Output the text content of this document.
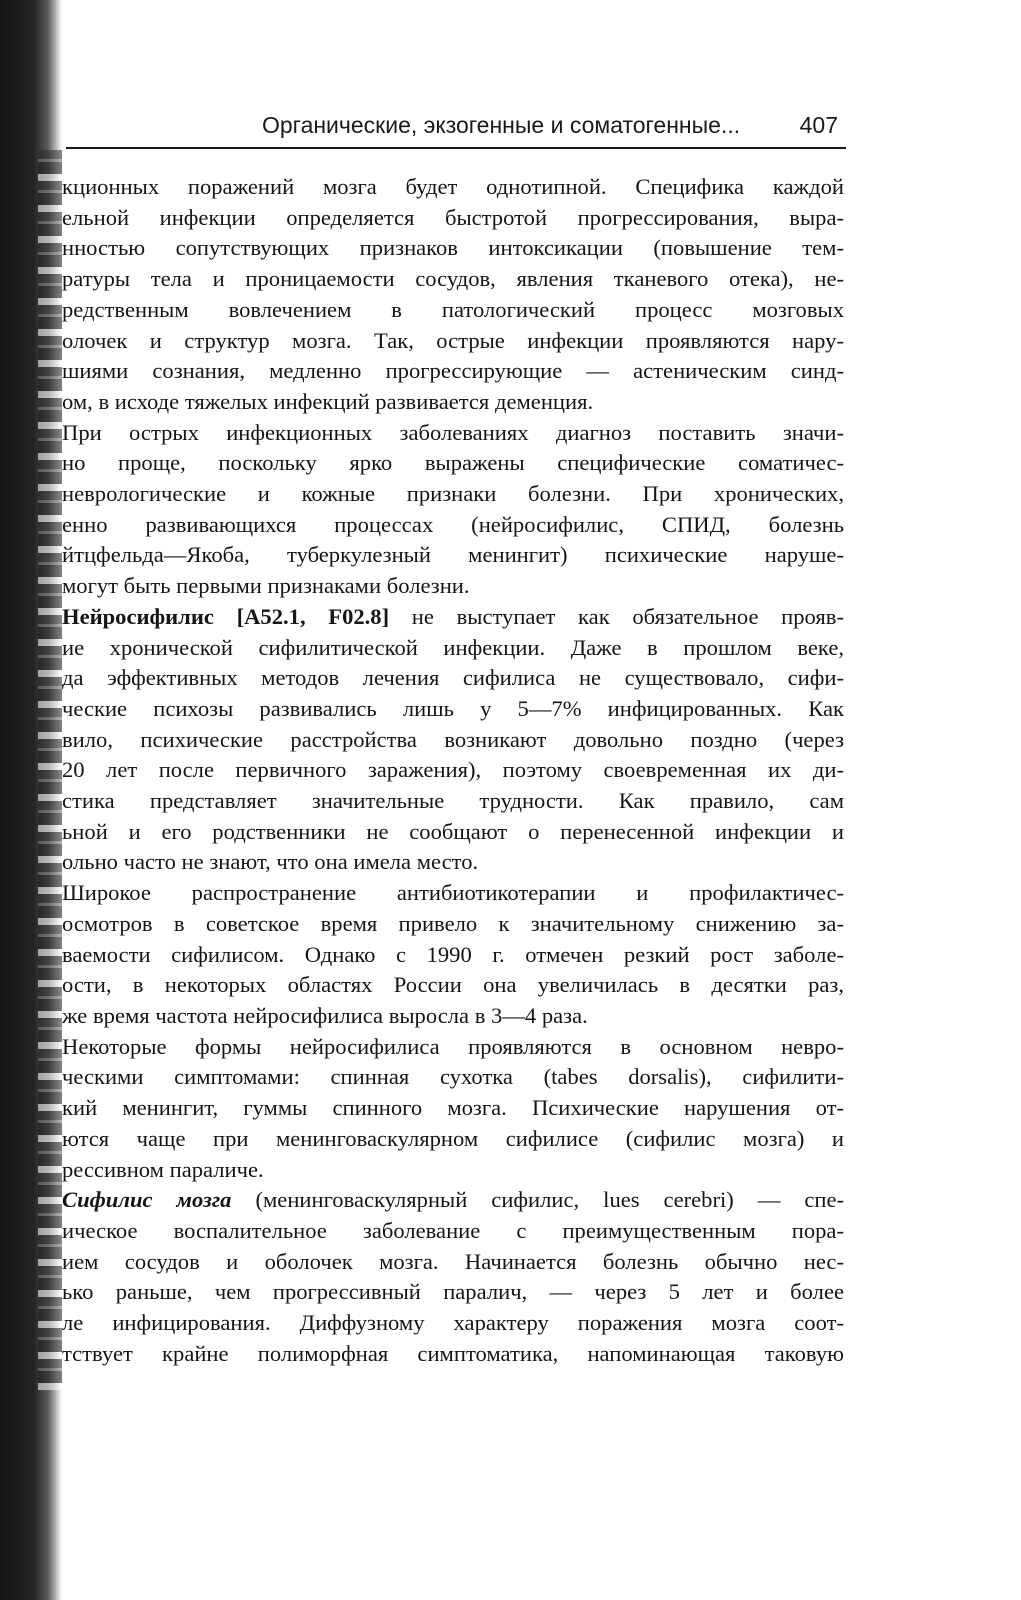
Органические, экзогенные и соматогенные...	407
кционных поражений мозга будет однотипной. Специфика каждой
ельной инфекции определяется быстротой прогрессирования, выра-
нностью сопутствующих признаков интоксикации (повышение тем-
ратуры тела и проницаемости сосудов, явления тканевого отека), не-
редственным вовлечением в патологический процесс мозговых
олочек и структур мозга. Так, острые инфекции проявляются нару-
шиями сознания, медленно прогрессирующие — астеническим синд-
ом, в исходе тяжелых инфекций развивается деменция.
При острых инфекционных заболеваниях диагноз поставить значи-
но проще, поскольку ярко выражены специфические соматичес-
неврологические и кожные признаки болезни. При хронических,
енно развивающихся процессах (нейросифилис, СПИД, болезнь
йтцфельда—Якоба, туберкулезный менингит) психические наруше-
могут быть первыми признаками болезни.
Нейросифилис [A52.1, F02.8] не выступает как обязательное прояв-
ие хронической сифилитической инфекции. Даже в прошлом веке,
да эффективных методов лечения сифилиса не существовало, сифи-
ческие психозы развивались лишь у 5—7% инфицированных. Как
вило, психические расстройства возникают довольно поздно (через
20 лет после первичного заражения), поэтому своевременная их ди-
стика представляет значительные трудности. Как правило, сам
ьной и его родственники не сообщают о перенесенной инфекции и
ольно часто не знают, что она имела место.
Широкое распространение антибиотикотерапии и профилактичес-
осмотров в советское время привело к значительному снижению за-
ваемости сифилисом. Однако с 1990 г. отмечен резкий рост заболе-
ости, в некоторых областях России она увеличилась в десятки раз,
же время частота нейросифилиса выросла в 3—4 раза.
Некоторые формы нейросифилиса проявляются в основном невро-
ческими симптомами: спинная сухотка (tabes dorsalis), сифилити-
кий менингит, гуммы спинного мозга. Психические нарушения от-
ются чаще при менинговаскулярном сифилисе (сифилис мозга) и
рессивном параличе.
Сифилис мозга (менинговаскулярный сифилис, lues cerebri) — спе-
ическое воспалительное заболевание с преимущественным пора-
ием сосудов и оболочек мозга. Начинается болезнь обычно нес-
ько раньше, чем прогрессивный паралич, — через 5 лет и более
ле инфицирования. Диффузному характеру поражения мозга соот-
тствует крайне полиморфная симптоматика, напоминающая таковую
